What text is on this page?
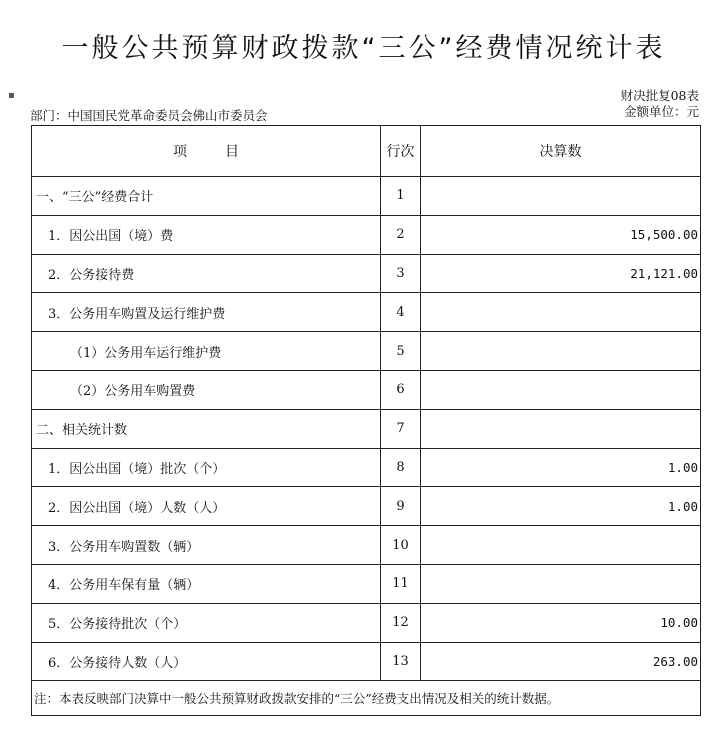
一般公共预算财政拨款“三公”经费情况统计表
▪	财决批复08表
金额单位：元
部门：中国国民党革命委员会佛山市委员会
项目	行次	决算数
一、“三公”经费合计	1	
1．因公出国（境）费	2	15,500.00
2．公务接待费	3	21,121.00
3．公务用车购置及运行维护费	4	
（1）公务用车运行维护费	5	
（2）公务用车购置费	6	
二、相关统计数	7	
1．因公出国（境）批次（个）	8	1.00
2．因公出国（境）人数（人）	9	1.00
3．公务用车购置数（辆）	10	
4．公务用车保有量（辆）	11	
5．公务接待批次（个）	12	10.00
6．公务接待人数（人）	13	263.00
注：本表反映部门决算中一般公共预算财政拨款安排的“三公”经费支出情况及相关的统计数据。		
